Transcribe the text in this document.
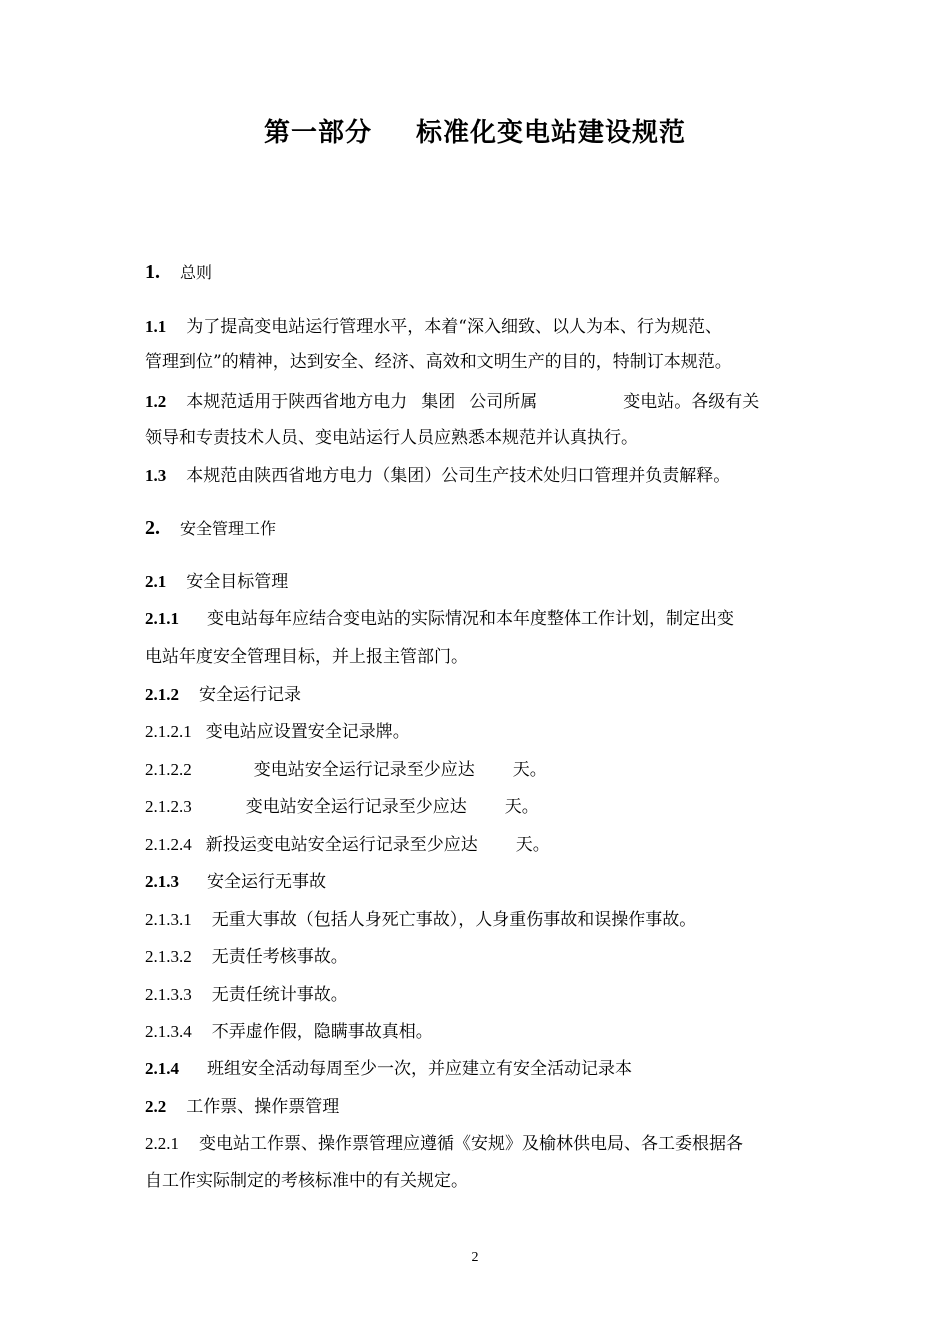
第一部分 标准化变电站建设规范
1. 总则
1.1 为了提高变电站运行管理水平，本着“深入细致、以人为本、行为规范、
管理到位”的精神，达到安全、经济、高效和文明生产的目的，特制订本规范。
1.2 本规范适用于陕西省地方电力 集团 公司所属	变电站。各级有关
领导和专责技术人员、变电站运行人员应熟悉本规范并认真执行。
1.3 本规范由陕西省地方电力（集团）公司生产技术处归口管理并负责解释。
2. 安全管理工作
2.1 安全目标管理
2.1.1 变电站每年应结合变电站的实际情况和本年度整体工作计划，制定出变
电站年度安全管理目标，并上报主管部门。
2.1.2 安全运行记录
2.1.2.1 变电站应设置安全记录牌。
2.1.2.2	变电站安全运行记录至少应达 天。
2.1.2.3	变电站安全运行记录至少应达 天。
2.1.2.4 新投运变电站安全运行记录至少应达 天。
2.1.3 安全运行无事故
2.1.3.1 无重大事故（包括人身死亡事故），人身重伤事故和误操作事故。
2.1.3.2 无责任考核事故。
2.1.3.3 无责任统计事故。
2.1.3.4 不弄虚作假，隐瞒事故真相。
2.1.4 班组安全活动每周至少一次，并应建立有安全活动记录本
2.2 工作票、操作票管理
2.2.1 变电站工作票、操作票管理应遵循《安规》及榆林供电局、各工委根据各
自工作实际制定的考核标准中的有关规定。
2
